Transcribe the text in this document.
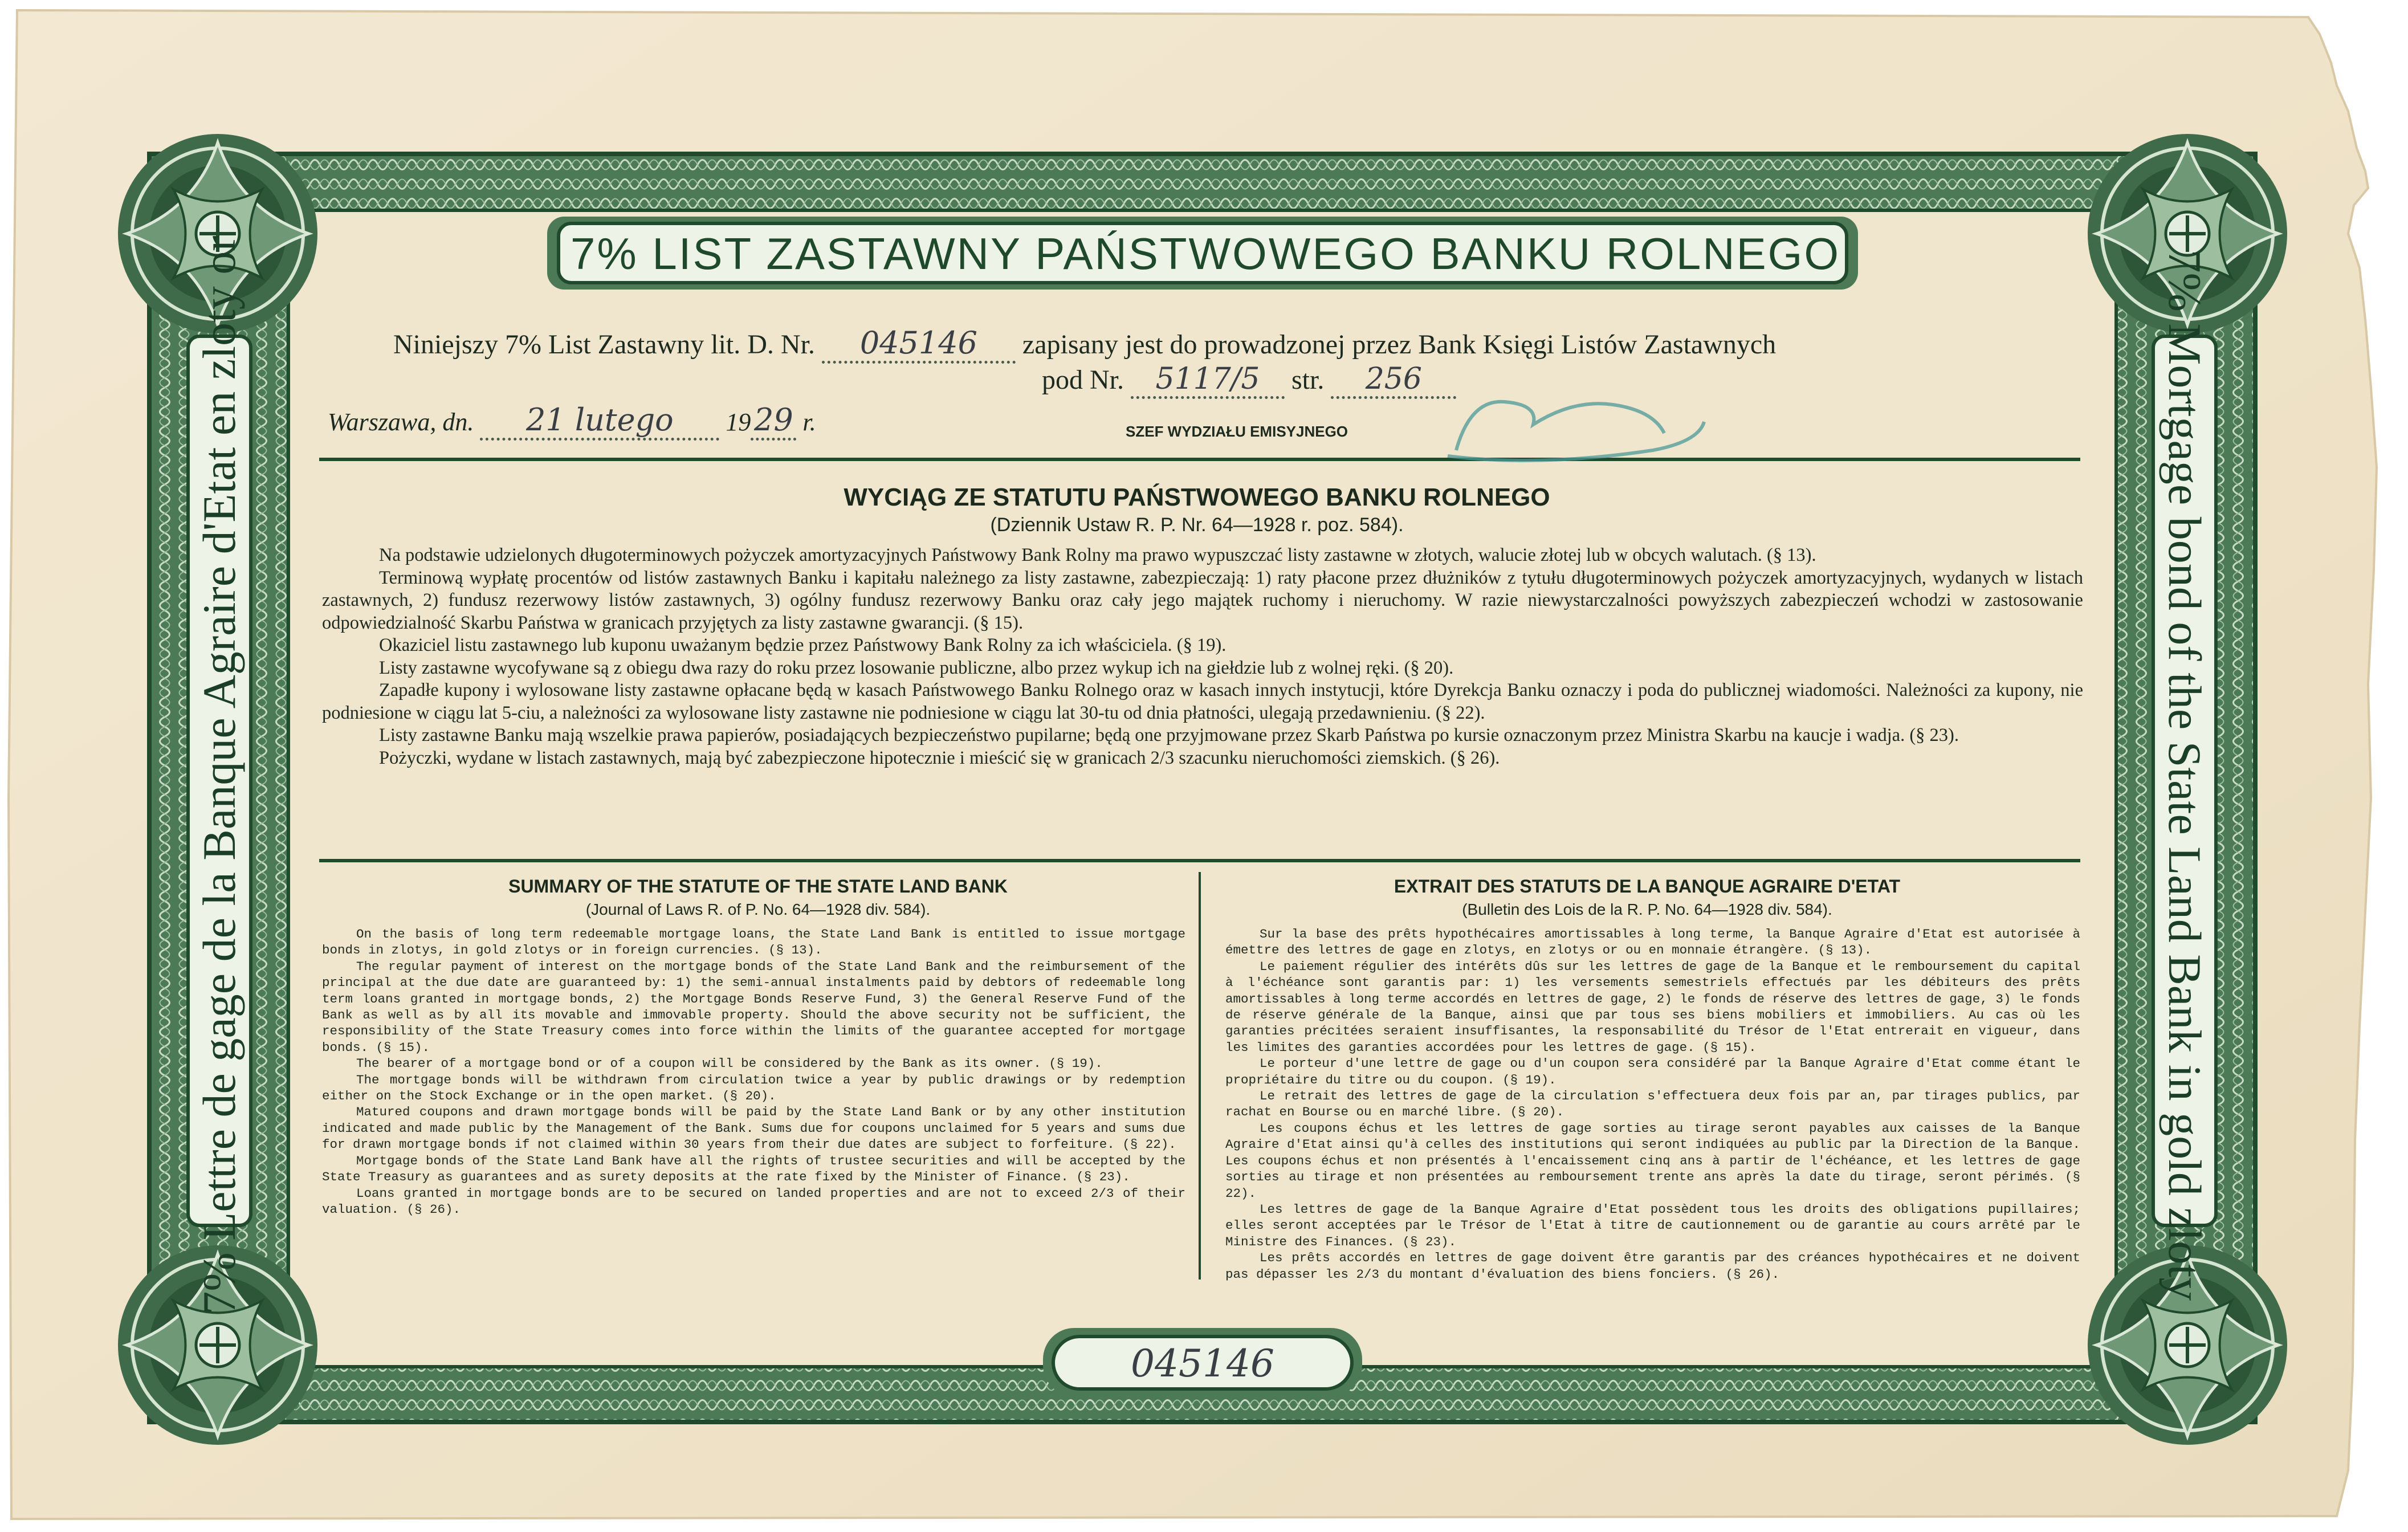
7% LIST ZASTAWNY PAŃSTWOWEGO BANKU ROLNEGO
7% Lettre de gage de la Banque Agraire d'Etat en zloty or	7% Mortgage bond of the State Land Bank in gold zloty
Niniejszy 7% List Zastawny lit. D. Nr. 045146 zapisany jest do prowadzonej przez Bank Księgi Listów Zastawnych
pod Nr. 5117/5 str. 256
Warszawa, dn. 21 lutego 19 29 r.	SZEF WYDZIAŁU EMISYJNEGO
WYCIĄG ZE STATUTU PAŃSTWOWEGO BANKU ROLNEGO
(Dziennik Ustaw R. P. Nr. 64—1928 r. poz. 584).

Na podstawie udzielonych długoterminowych pożyczek amortyzacyjnych Państwowy Bank Rolny ma prawo wypuszczać listy zastawne w złotych, walucie złotej lub w obcych walutach. (§ 13).

Terminową wypłatę procentów od listów zastawnych Banku i kapitału należnego za listy zastawne, zabezpieczają: 1) raty płacone przez dłużników z tytułu długoterminowych pożyczek amortyzacyjnych, wydanych w listach zastawnych, 2) fundusz rezerwowy listów zastawnych, 3) ogólny fundusz rezerwowy Banku oraz cały jego majątek ruchomy i nieruchomy. W razie niewystarczalności powyższych zabezpieczeń wchodzi w zastosowanie odpowiedzialność Skarbu Państwa w granicach przyjętych za listy zastawne gwarancji. (§ 15).

Okaziciel listu zastawnego lub kuponu uważanym będzie przez Państwowy Bank Rolny za ich właściciela. (§ 19).

Listy zastawne wycofywane są z obiegu dwa razy do roku przez losowanie publiczne, albo przez wykup ich na giełdzie lub z wolnej ręki. (§ 20).

Zapadłe kupony i wylosowane listy zastawne opłacane będą w kasach Państwowego Banku Rolnego oraz w kasach innych instytucji, które Dyrekcja Banku oznaczy i poda do publicznej wiadomości. Należności za kupony, nie podniesione w ciągu lat 5-ciu, a należności za wylosowane listy zastawne nie podniesione w ciągu lat 30-tu od dnia płatności, ulegają przedawnieniu. (§ 22).

Listy zastawne Banku mają wszelkie prawa papierów, posiadających bezpieczeństwo pupilarne; będą one przyjmowane przez Skarb Państwa po kursie oznaczonym przez Ministra Skarbu na kaucje i wadja. (§ 23).

Pożyczki, wydane w listach zastawnych, mają być zabezpieczone hipotecznie i mieścić się w granicach 2/3 szacunku nieruchomości ziemskich. (§ 26).

SUMMARY OF THE STATUTE OF THE STATE LAND BANK
(Journal of Laws R. of P. No. 64—1928 div. 584).

On the basis of long term redeemable mortgage loans, the State Land Bank is entitled to issue mortgage bonds in zlotys, in gold zlotys or in foreign currencies. (§ 13).

The regular payment of interest on the mortgage bonds of the State Land Bank and the reimbursement of the principal at the due date are guaranteed by: 1) the semi-annual instalments paid by debtors of redeemable long term loans granted in mortgage bonds, 2) the Mortgage Bonds Reserve Fund, 3) the General Reserve Fund of the Bank as well as by all its movable and immovable property. Should the above security not be sufficient, the responsibility of the State Treasury comes into force within the limits of the guarantee accepted for mortgage bonds. (§ 15).

The bearer of a mortgage bond or of a coupon will be considered by the Bank as its owner. (§ 19).

The mortgage bonds will be withdrawn from circulation twice a year by public drawings or by redemption either on the Stock Exchange or in the open market. (§ 20).

Matured coupons and drawn mortgage bonds will be paid by the State Land Bank or by any other institution indicated and made public by the Management of the Bank. Sums due for coupons unclaimed for 5 years and sums due for drawn mortgage bonds if not claimed within 30 years from their due dates are subject to forfeiture. (§ 22).

Mortgage bonds of the State Land Bank have all the rights of trustee securities and will be accepted by the State Treasury as guarantees and as surety deposits at the rate fixed by the Minister of Finance. (§ 23).

Loans granted in mortgage bonds are to be secured on landed properties and are not to exceed 2/3 of their valuation. (§ 26).

EXTRAIT DES STATUTS DE LA BANQUE AGRAIRE D'ETAT
(Bulletin des Lois de la R. P. No. 64—1928 div. 584).

Sur la base des prêts hypothécaires amortissables à long terme, la Banque Agraire d'Etat est autorisée à émettre des lettres de gage en zlotys, en zlotys or ou en monnaie étrangère. (§ 13).

Le paiement régulier des intérêts dûs sur les lettres de gage de la Banque et le remboursement du capital à l'échéance sont garantis par: 1) les versements semestriels effectués par les débiteurs des prêts amortissables à long terme accordés en lettres de gage, 2) le fonds de réserve des lettres de gage, 3) le fonds de réserve générale de la Banque, ainsi que par tous ses biens mobiliers et immobiliers. Au cas où les garanties précitées seraient insuffisantes, la responsabilité du Trésor de l'Etat entrerait en vigueur, dans les limites des garanties accordées pour les lettres de gage. (§ 15).

Le porteur d'une lettre de gage ou d'un coupon sera considéré par la Banque Agraire d'Etat comme étant le propriétaire du titre ou du coupon. (§ 19).

Le retrait des lettres de gage de la circulation s'effectuera deux fois par an, par tirages publics, par rachat en Bourse ou en marché libre. (§ 20).

Les coupons échus et les lettres de gage sorties au tirage seront payables aux caisses de la Banque Agraire d'Etat ainsi qu'à celles des institutions qui seront indiquées au public par la Direction de la Banque. Les coupons échus et non présentés à l'encaissement cinq ans à partir de l'échéance, et les lettres de gage sorties au tirage et non présentées au remboursement trente ans après la date du tirage, seront périmés. (§ 22).

Les lettres de gage de la Banque Agraire d'Etat possèdent tous les droits des obligations pupillaires; elles seront acceptées par le Trésor de l'Etat à titre de cautionnement ou de garantie au cours arrêté par le Ministre des Finances. (§ 23).

Les prêts accordés en lettres de gage doivent être garantis par des créances hypothécaires et ne doivent pas dépasser les 2/3 du montant d'évaluation des biens fonciers. (§ 26).

045146
